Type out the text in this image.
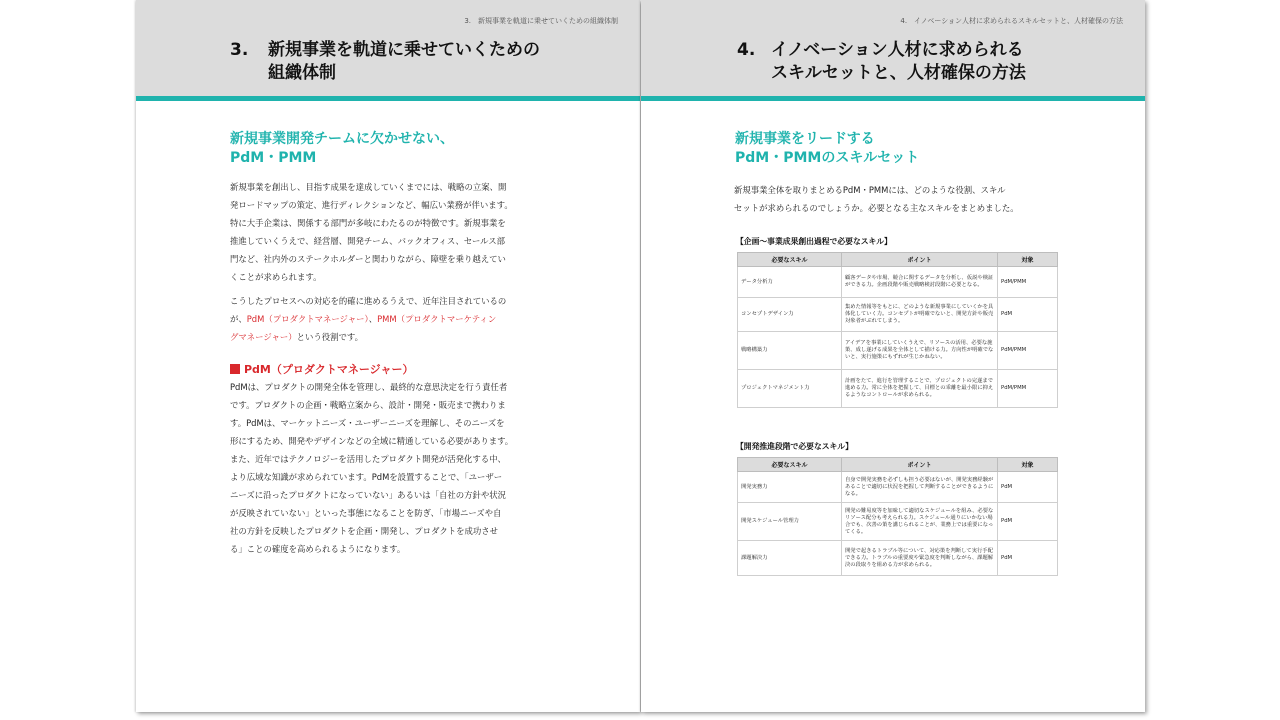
3.　新規事業を軌道に乗せていくための組織体制
3. 新規事業を軌道に乗せていくための
組織体制
新規事業開発チームに欠かせない、
PdM・PMM
新規事業を創出し、目指す成果を達成していくまでには、戦略の立案、開
発ロードマップの策定、進行ディレクションなど、幅広い業務が伴います。
特に大手企業は、関係する部門が多岐にわたるのが特徴です。新規事業を
推進していくうえで、経営層、開発チーム、バックオフィス、セールス部
門など、社内外のステークホルダーと関わりながら、障壁を乗り越えてい
くことが求められます。
こうしたプロセスへの対応を的確に進めるうえで、近年注目されているの
が、PdM（プロダクトマネージャー）、PMM（プロダクトマーケティン
グマネージャー）という役割です。
PdM（プロダクトマネージャー）
PdMは、プロダクトの開発全体を管理し、最終的な意思決定を行う責任者
です。プロダクトの企画・戦略立案から、設計・開発・販売まで携わりま
す。PdMは、マーケットニーズ・ユーザーニーズを理解し、そのニーズを
形にするため、開発やデザインなどの全域に精通している必要があります。
また、近年ではテクノロジーを活用したプロダクト開発が活発化する中、
より広域な知識が求められています。PdMを設置することで、「ユーザー
ニーズに沿ったプロダクトになっていない」あるいは「自社の方針や状況
が反映されていない」といった事態になることを防ぎ、「市場ニーズや自
社の方針を反映したプロダクトを企画・開発し、プロダクトを成功させ
る」ことの確度を高められるようになります。
4.　イノベーション人材に求められるスキルセットと、人材確保の方法
4. イノベーション人材に求められる
スキルセットと、人材確保の方法
新規事業をリードする
PdM・PMMのスキルセット
新規事業全体を取りまとめるPdM・PMMには、どのような役割、スキル
セットが求められるのでしょうか。必要となる主なスキルをまとめました。
【企画〜事業成果創出過程で必要なスキル】
必要なスキル	ポイント	対象
データ分析力	顧客データや市場、競合に関するデータを分析し、仮説や検証ができる力。企画段階や販売戦略検討段階に必要となる。	PdM/PMM
コンセプトデザイン力	集めた情報等をもとに、どのような新規事業にしていくかを具体化していく力。コンセプトが明確でないと、開発方針や販売対象者がぶれてしまう。	PdM
戦略構築力	アイデアを事業にしていくうえで、リソースの活用、必要な施策、成し遂げる成果を全体として描ける力。方向性が明確でないと、実行施策にもずれが生じかねない。	PdM/PMM
プロジェクトマネジメント力	計画をたて、進行を管理することで、プロジェクトの完遂まで進める力。常に全体を把握して、目標との乖離を最小限に抑えるようなコントロールが求められる。	PdM/PMM
【開発推進段階で必要なスキル】
必要なスキル	ポイント	対象
開発実務力	自身で開発実務を必ずしも担う必要はないが、開発実務経験があることで適切に状況を把握して判断することができるようになる。	PdM
開発スケジュール管理力	開発の難易度等を加味して適切なスケジュールを組み、必要なリソース配分も考えられる力。スケジュール通りにいかない場合でも、次善の策を講じられることが、業務上では重要になってくる。	PdM
課題解決力	開発で起きるトラブル等について、対応策を判断して実行手配できる力。トラブルの重要度や緊急度を判断しながら、課題解決の段取りを組める力が求められる。	PdM
